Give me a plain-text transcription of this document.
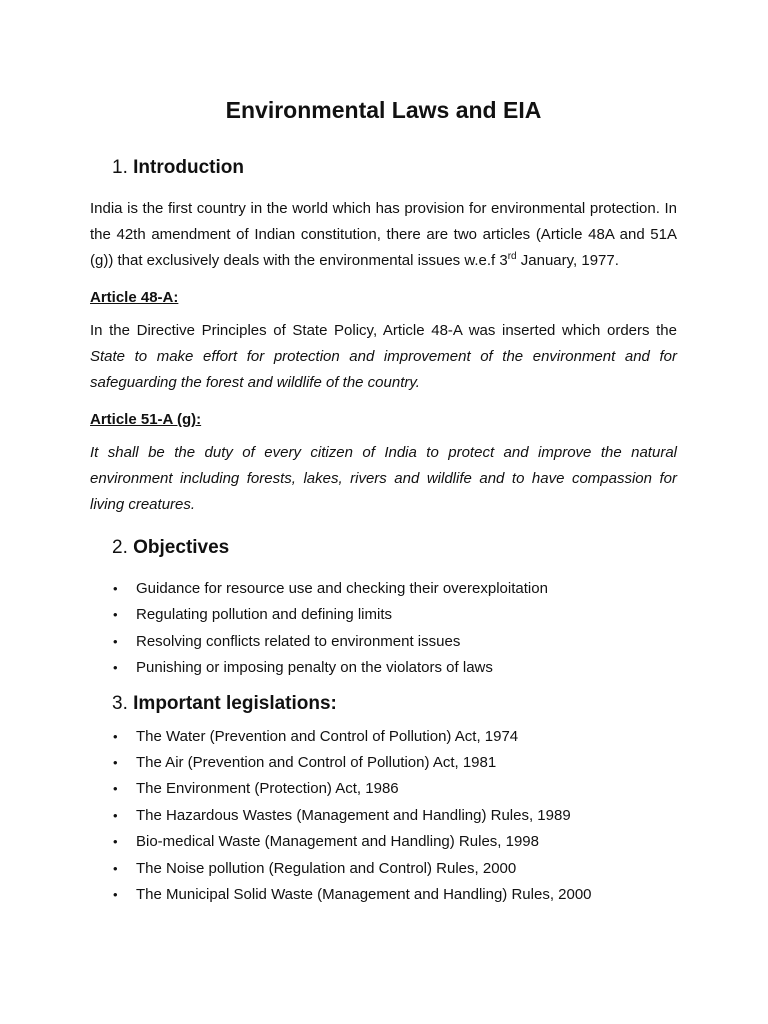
Environmental Laws and EIA
1. Introduction

India is the first country in the world which has provision for environmental protection. In the 42th amendment of Indian constitution, there are two articles (Article 48A and 51A (g)) that exclusively deals with the environmental issues w.e.f 3rd January, 1977.

Article 48-A:

In the Directive Principles of State Policy, Article 48-A was inserted which orders the State to make effort for protection and improvement of the environment and for safeguarding the forest and wildlife of the country.

Article 51-A (g):

It shall be the duty of every citizen of India to protect and improve the natural environment including forests, lakes, rivers and wildlife and to have compassion for living creatures.

2. Objectives
• Guidance for resource use and checking their overexploitation
• Regulating pollution and defining limits
• Resolving conflicts related to environment issues
• Punishing or imposing penalty on the violators of laws
3. Important legislations:
• The Water (Prevention and Control of Pollution) Act, 1974
• The Air (Prevention and Control of Pollution) Act, 1981
• The Environment (Protection) Act, 1986
• The Hazardous Wastes (Management and Handling) Rules, 1989
• Bio-medical Waste (Management and Handling) Rules, 1998
• The Noise pollution (Regulation and Control) Rules, 2000
• The Municipal Solid Waste (Management and Handling) Rules, 2000
